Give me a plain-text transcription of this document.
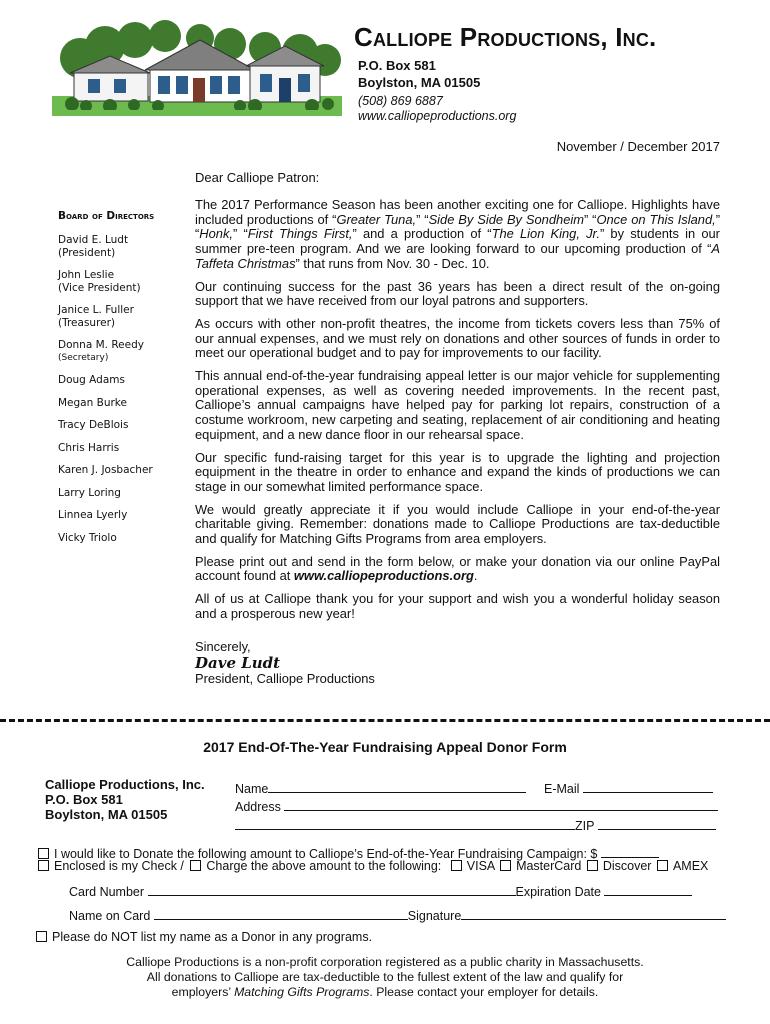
Calliope Productions, Inc.
P.O. Box 581
Boylston, MA 01505
(508) 869 6887
www.calliopeproductions.org
November / December 2017
Dear Calliope Patron:
Board of Directors
David E. Ludt
(President)
John Leslie
(Vice President)
Janice L. Fuller
(Treasurer)
Donna M. Reedy
(Secretary)
Doug Adams
Megan Burke
Tracy DeBlois
Chris Harris
Karen J. Josbacher
Larry Loring
Linnea Lyerly
Vicky Triolo

The 2017 Performance Season has been another exciting one for Calliope. Highlights have included productions of “Greater Tuna,” “Side By Side By Sondheim” “Once on This Island,” “Honk,” “First Things First,” and a production of “The Lion King, Jr.” by students in our summer pre-teen program. And we are looking forward to our upcoming production of “A Taffeta Christmas” that runs from Nov. 30 - Dec. 10.

Our continuing success for the past 36 years has been a direct result of the on-going support that we have received from our loyal patrons and supporters.

As occurs with other non-profit theatres, the income from tickets covers less than 75% of our annual expenses, and we must rely on donations and other sources of funds in order to meet our operational budget and to pay for improvements to our facility.

This annual end-of-the-year fundraising appeal letter is our major vehicle for supplementing operational expenses, as well as covering needed improvements. In the recent past, Calliope’s annual campaigns have helped pay for parking lot repairs, construction of a costume workroom, new carpeting and seating, replacement of air conditioning and heating equipment, and a new dance floor in our rehearsal space.

Our specific fund-raising target for this year is to upgrade the lighting and projection equipment in the theatre in order to enhance and expand the kinds of productions we can stage in our somewhat limited performance space.

We would greatly appreciate it if you would include Calliope in your end-of-the-year charitable giving. Remember: donations made to Calliope Productions are tax-deductible and qualify for Matching Gifts Programs from area employers.

Please print out and send in the form below, or make your donation via our online PayPal account found at www.calliopeproductions.org.

All of us at Calliope thank you for your support and wish you a wonderful holiday season and a prosperous new year!

Sincerely,
Dave Ludt
President, Calliope Productions
2017 End-Of-The-Year Fundraising Appeal Donor Form
Calliope Productions, Inc.
P.O. Box 581
Boylston, MA 01505
Name	E-Mail
Address
ZIP
I would like to Donate the following amount to Calliope’s End-of-the-Year Fundraising Campaign: $
Enclosed is my Check / Charge the above amount to the following: VISA MasterCard Discover AMEX
Card Number	Expiration Date
Name on Card	Signature
Please do NOT list my name as a Donor in any programs.
Calliope Productions is a non-profit corporation registered as a public charity in Massachusetts.
All donations to Calliope are tax-deductible to the fullest extent of the law and qualify for
employers’ Matching Gifts Programs. Please contact your employer for details.
